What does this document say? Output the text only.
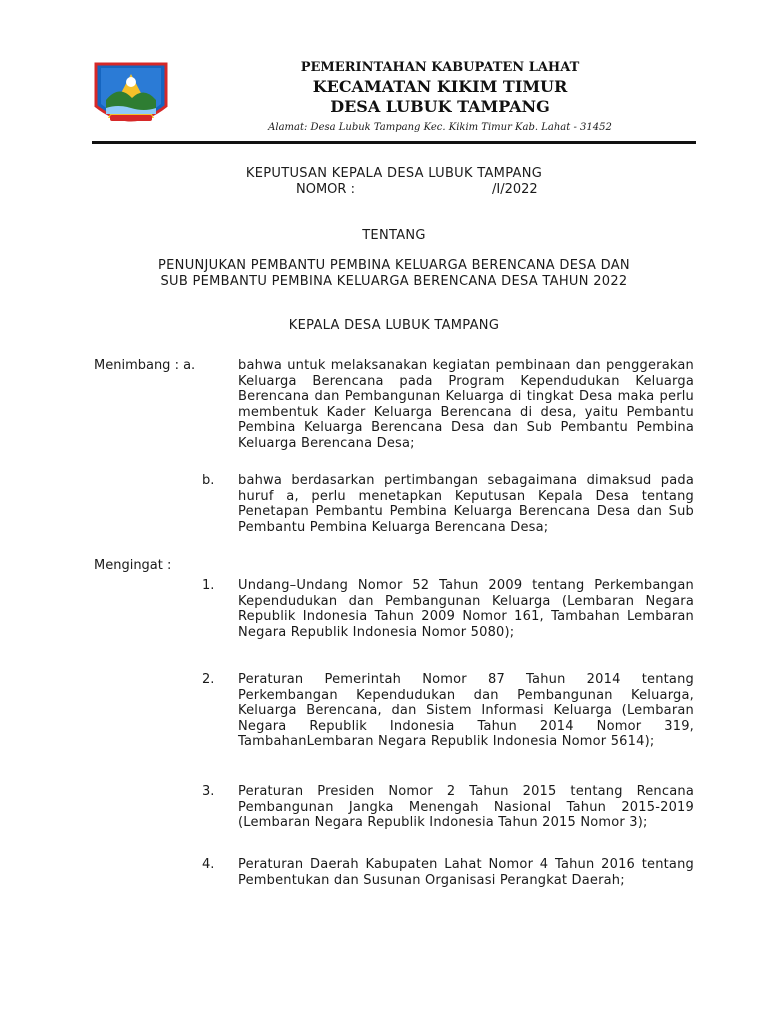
PEMERINTAHAN KABUPATEN LAHAT
KECAMATAN KIKIM TIMUR
DESA LUBUK TAMPANG
Alamat: Desa Lubuk Tampang Kec. Kikim Timur Kab. Lahat - 31452
KEPUTUSAN KEPALA DESA LUBUK TAMPANG
NOMOR :	/I/2022
TENTANG
PENUNJUKAN PEMBANTU PEMBINA KELUARGA BERENCANA DESA DAN
SUB PEMBANTU PEMBINA KELUARGA BERENCANA DESA TAHUN 2022
KEPALA DESA LUBUK TAMPANG
Menimbang : a.	bahwa untuk melaksanakan kegiatan pembinaan dan penggerakan Keluarga Berencana pada Program Kependudukan Keluarga Berencana dan Pembangunan Keluarga di tingkat Desa maka perlu membentuk Kader Keluarga Berencana di desa, yaitu Pembantu Pembina Keluarga Berencana Desa dan Sub Pembantu Pembina Keluarga Berencana Desa;
b. bahwa berdasarkan pertimbangan sebagaimana dimaksud pada huruf a, perlu menetapkan Keputusan Kepala Desa tentang Penetapan Pembantu Pembina Keluarga Berencana Desa dan Sub Pembantu Pembina Keluarga Berencana Desa;
Mengingat :
1. Undang–Undang Nomor 52 Tahun 2009 tentang Perkembangan Kependudukan dan Pembangunan Keluarga (Lembaran Negara Republik Indonesia Tahun 2009 Nomor 161, Tambahan Lembaran Negara Republik Indonesia Nomor 5080);
2. Peraturan Pemerintah Nomor 87 Tahun 2014 tentang Perkembangan Kependudukan dan Pembangunan Keluarga, Keluarga Berencana, dan Sistem Informasi Keluarga (Lembaran Negara Republik Indonesia Tahun 2014 Nomor 319, TambahanLembaran Negara Republik Indonesia Nomor 5614);
3. Peraturan Presiden Nomor 2 Tahun 2015 tentang Rencana Pembangunan Jangka Menengah Nasional Tahun 2015-2019 (Lembaran Negara Republik Indonesia Tahun 2015 Nomor 3);
4. Peraturan Daerah Kabupaten Lahat Nomor 4 Tahun 2016 tentang Pembentukan dan Susunan Organisasi Perangkat Daerah;
